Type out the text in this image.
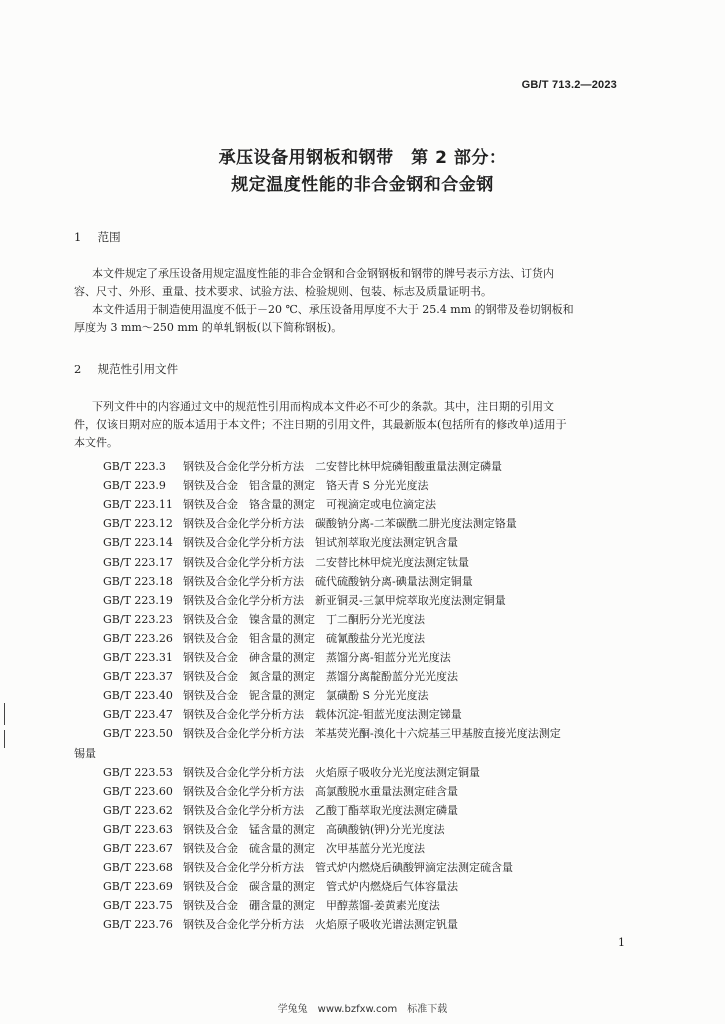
GB/T 713.2—2023
承压设备用钢板和钢带　第 2 部分：
规定温度性能的非合金钢和合金钢
1 范围
本文件规定了承压设备用规定温度性能的非合金钢和合金钢钢板和钢带的牌号表示方法、订货内
容、尺寸、外形、重量、技术要求、试验方法、检验规则、包装、标志及质量证明书。
本文件适用于制造使用温度不低于－20 ℃、承压设备用厚度不大于 25.4 mm 的钢带及卷切钢板和
厚度为 3 mm～250 mm 的单轧钢板(以下简称钢板)。
2 规范性引用文件
下列文件中的内容通过文中的规范性引用而构成本文件必不可少的条款。其中，注日期的引用文
件，仅该日期对应的版本适用于本文件；不注日期的引用文件，其最新版本(包括所有的修改单)适用于
本文件。
GB/T 223.3 钢铁及合金化学分析方法　二安替比林甲烷磷钼酸重量法测定磷量
GB/T 223.9 钢铁及合金　铝含量的测定　铬天青 S 分光光度法
GB/T 223.11 钢铁及合金　铬含量的测定　可视滴定或电位滴定法
GB/T 223.12 钢铁及合金化学分析方法　碳酸钠分离-二苯碳酰二肼光度法测定铬量
GB/T 223.14 钢铁及合金化学分析方法　钽试剂萃取光度法测定钒含量
GB/T 223.17 钢铁及合金化学分析方法　二安替比林甲烷光度法测定钛量
GB/T 223.18 钢铁及合金化学分析方法　硫代硫酸钠分离-碘量法测定铜量
GB/T 223.19 钢铁及合金化学分析方法　新亚铜灵-三氯甲烷萃取光度法测定铜量
GB/T 223.23 钢铁及合金　镍含量的测定　丁二酮肟分光光度法
GB/T 223.26 钢铁及合金　钼含量的测定　硫氰酸盐分光光度法
GB/T 223.31 钢铁及合金　砷含量的测定　蒸馏分离-钼蓝分光光度法
GB/T 223.37 钢铁及合金　氮含量的测定　蒸馏分离靛酚蓝分光光度法
GB/T 223.40 钢铁及合金　铌含量的测定　氯磺酚 S 分光光度法
GB/T 223.47 钢铁及合金化学分析方法　载体沉淀-钼蓝光度法测定锑量
GB/T 223.50 钢铁及合金化学分析方法　苯基荧光酮-溴化十六烷基三甲基胺直接光度法测定
锡量
GB/T 223.53 钢铁及合金化学分析方法　火焰原子吸收分光光度法测定铜量
GB/T 223.60 钢铁及合金化学分析方法　高氯酸脱水重量法测定硅含量
GB/T 223.62 钢铁及合金化学分析方法　乙酸丁酯萃取光度法测定磷量
GB/T 223.63 钢铁及合金　锰含量的测定　高碘酸钠(钾)分光光度法
GB/T 223.67 钢铁及合金　硫含量的测定　次甲基蓝分光光度法
GB/T 223.68 钢铁及合金化学分析方法　管式炉内燃烧后碘酸钾滴定法测定硫含量
GB/T 223.69 钢铁及合金　碳含量的测定　管式炉内燃烧后气体容量法
GB/T 223.75 钢铁及合金　硼含量的测定　甲醇蒸馏-姜黄素光度法
GB/T 223.76 钢铁及合金化学分析方法　火焰原子吸收光谱法测定钒量
1
学兔兔　www.bzfxw.com　标准下载
